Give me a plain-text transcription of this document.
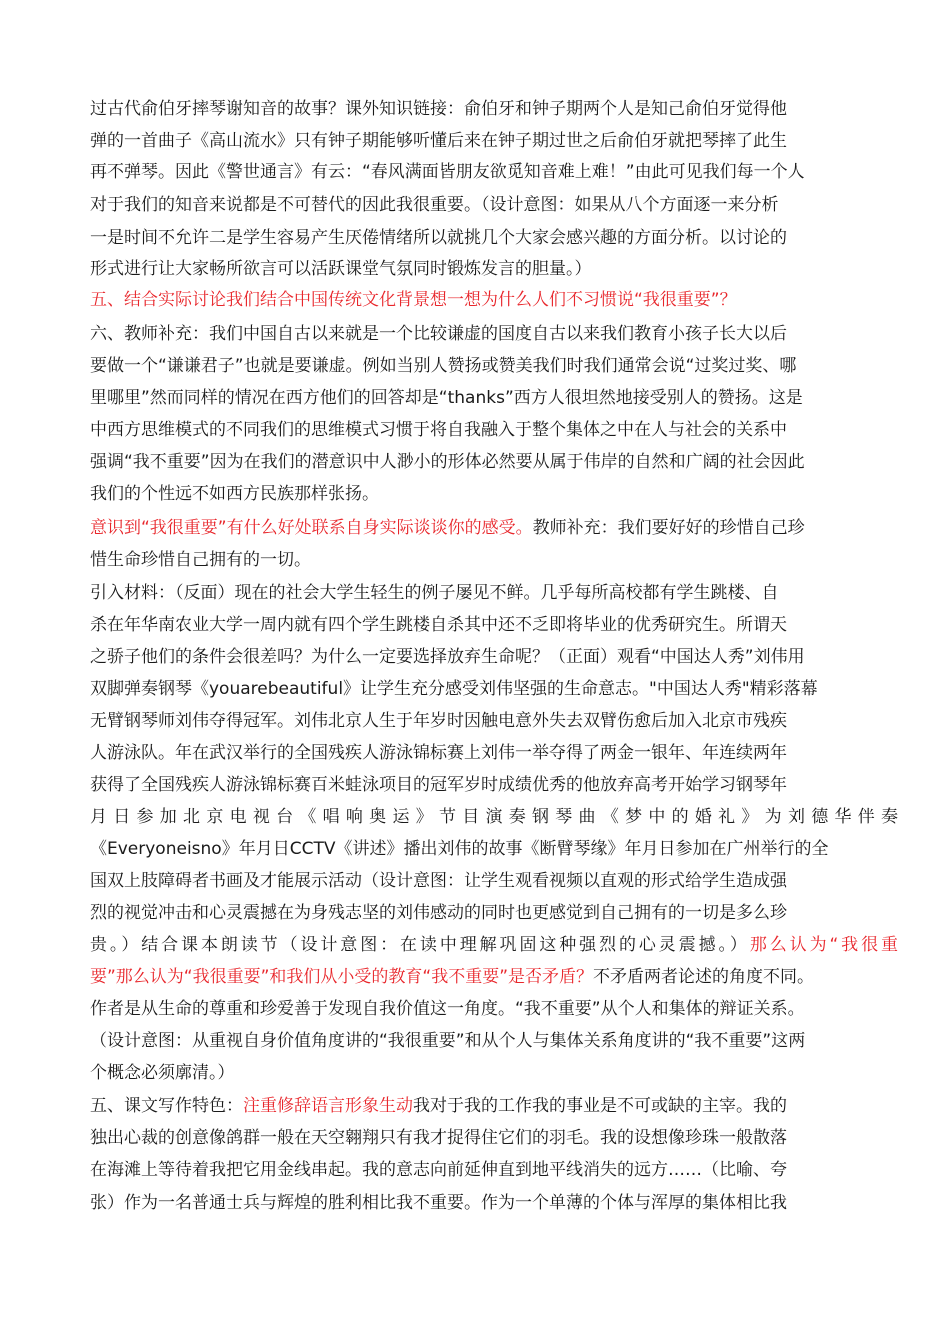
过古代俞伯牙摔琴谢知音的故事？课外知识链接：俞伯牙和钟子期两个人是知己俞伯牙觉得他
弹的一首曲子《高山流水》只有钟子期能够听懂后来在钟子期过世之后俞伯牙就把琴摔了此生
再不弹琴。因此《警世通言》有云：“春风满面皆朋友欲觅知音难上难！”由此可见我们每一个人
对于我们的知音来说都是不可替代的因此我很重要。（设计意图：如果从八个方面逐一来分析
一是时间不允许二是学生容易产生厌倦情绪所以就挑几个大家会感兴趣的方面分析。以讨论的
形式进行让大家畅所欲言可以活跃课堂气氛同时锻炼发言的胆量。）
五、结合实际讨论我们结合中国传统文化背景想一想为什么人们不习惯说“我很重要”？
六、教师补充：我们中国自古以来就是一个比较谦虚的国度自古以来我们教育小孩子长大以后
要做一个“谦谦君子”也就是要谦虚。例如当别人赞扬或赞美我们时我们通常会说“过奖过奖、哪
里哪里”然而同样的情况在西方他们的回答却是“thanks”西方人很坦然地接受别人的赞扬。这是
中西方思维模式的不同我们的思维模式习惯于将自我融入于整个集体之中在人与社会的关系中
强调“我不重要”因为在我们的潜意识中人渺小的形体必然要从属于伟岸的自然和广阔的社会因此
我们的个性远不如西方民族那样张扬。
意识到“我很重要”有什么好处联系自身实际谈谈你的感受。教师补充：我们要好好的珍惜自己珍
惜生命珍惜自己拥有的一切。
引入材料：（反面）现在的社会大学生轻生的例子屡见不鲜。几乎每所高校都有学生跳楼、自
杀在年华南农业大学一周内就有四个学生跳楼自杀其中还不乏即将毕业的优秀研究生。所谓天
之骄子他们的条件会很差吗？为什么一定要选择放弃生命呢？（正面）观看“中国达人秀”刘伟用
双脚弹奏钢琴《youarebeautiful》让学生充分感受刘伟坚强的生命意志。"中国达人秀"精彩落幕
无臂钢琴师刘伟夺得冠军。刘伟北京人生于年岁时因触电意外失去双臂伤愈后加入北京市残疾
人游泳队。年在武汉举行的全国残疾人游泳锦标赛上刘伟一举夺得了两金一银年、年连续两年
获得了全国残疾人游泳锦标赛百米蛙泳项目的冠军岁时成绩优秀的他放弃高考开始学习钢琴年
月日参加北京电视台《唱响奥运》节目演奏钢琴曲《梦中的婚礼》为刘德华伴奏
《Everyoneisno》年月日CCTV《讲述》播出刘伟的故事《断臂琴缘》年月日参加在广州举行的全
国双上肢障碍者书画及才能展示活动（设计意图：让学生观看视频以直观的形式给学生造成强
烈的视觉冲击和心灵震撼在为身残志坚的刘伟感动的同时也更感觉到自己拥有的一切是多么珍
贵。）结合课本朗读节（设计意图：在读中理解巩固这种强烈的心灵震撼。）那么认为“我很重
要”那么认为“我很重要”和我们从小受的教育“我不重要”是否矛盾？不矛盾两者论述的角度不同。
作者是从生命的尊重和珍爱善于发现自我价值这一角度。“我不重要”从个人和集体的辩证关系。
（设计意图：从重视自身价值角度讲的“我很重要”和从个人与集体关系角度讲的“我不重要”这两
个概念必须廓清。）
五、课文写作特色：注重修辞语言形象生动我对于我的工作我的事业是不可或缺的主宰。我的
独出心裁的创意像鸽群一般在天空翱翔只有我才捉得住它们的羽毛。我的设想像珍珠一般散落
在海滩上等待着我把它用金线串起。我的意志向前延伸直到地平线消失的远方……（比喻、夸
张）作为一名普通士兵与辉煌的胜利相比我不重要。作为一个单薄的个体与浑厚的集体相比我
